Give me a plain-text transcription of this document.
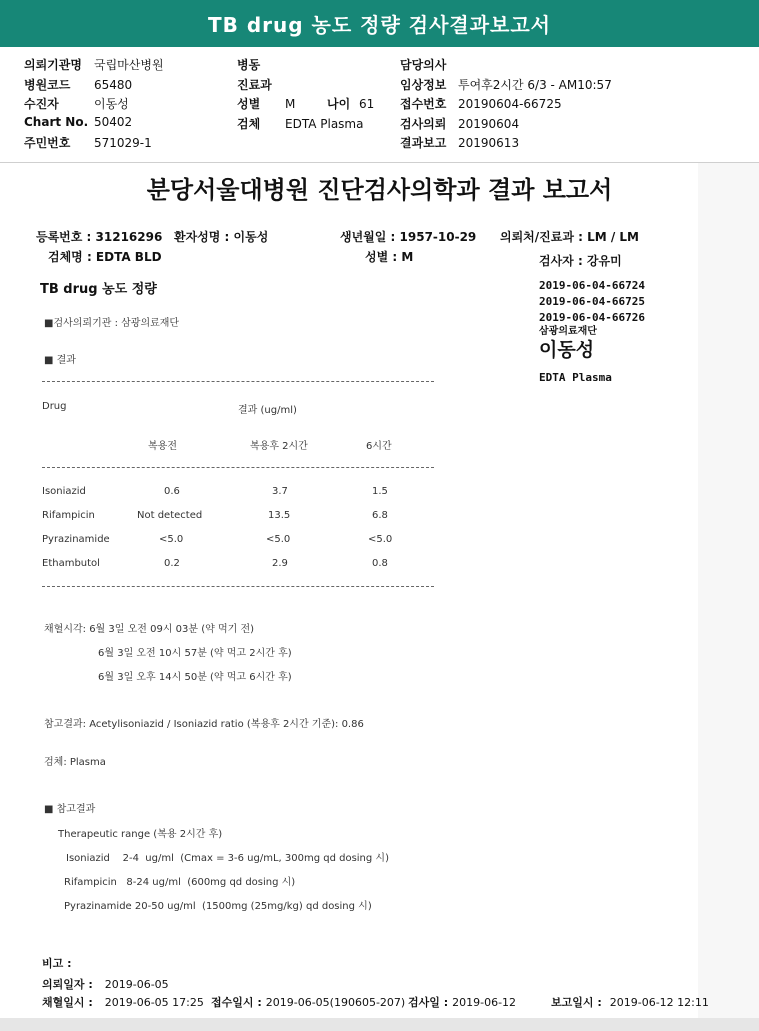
TB drug 농도 정량 검사결과보고서
의뢰기관명 국립마산병원
병원코드 65480
수진자	이동성
Chart No. 50402
주민번호 571029-1
병동
진료과
성별 M	나이 61
검체 EDTA Plasma
담당의사
임상정보 투여후2시간 6/3 - AM10:57
접수번호 20190604-66725
검사의뢰 20190604
결과보고 20190613
분당서울대병원 진단검사의학과 결과 보고서
등록번호 : 31216296 환자성명 : 이동성	생년월일 : 1957-10-29 의뢰처/진료과 : LM / LM
검체명 : EDTA BLD	성별 : M	검사자 : 강유미
TB drug 농도 정량	2019-06-04-66724
2019-06-04-66725
2019-06-04-66726
삼광의료재단
이동성
EDTA Plasma
■검사의뢰기관 : 삼광의료재단
■ 결과
Drug	결과 (ug/ml)
복용전	복용후 2시간	6시간
Isoniazid	0.6	3.7	1.5
Rifampicin	Not detected	13.5	6.8
Pyrazinamide	<5.0	<5.0	<5.0
Ethambutol	0.2	2.9	0.8
채혈시각: 6월 3일 오전 09시 03분 (약 먹기 전)
6월 3일 오전 10시 57분 (약 먹고 2시간 후)
6월 3일 오후 14시 50분 (약 먹고 6시간 후)
참고결과: Acetylisoniazid / Isoniazid ratio (복용후 2시간 기준): 0.86
검체: Plasma
■ 참고결과
Therapeutic range (복용 2시간 후)
Isoniazid    2-4  ug/ml  (Cmax = 3-6 ug/mL, 300mg qd dosing 시)
Rifampicin   8-24 ug/ml  (600mg qd dosing 시)
Pyrazinamide 20-50 ug/ml  (1500mg (25mg/kg) qd dosing 시)
비고 :
의뢰일자 : 2019-06-05
채혈일시 : 2019-06-05 17:25 접수일시 : 2019-06-05(190605-207) 검사일 : 2019-06-12	보고일시 : 2019-06-12 12:11
